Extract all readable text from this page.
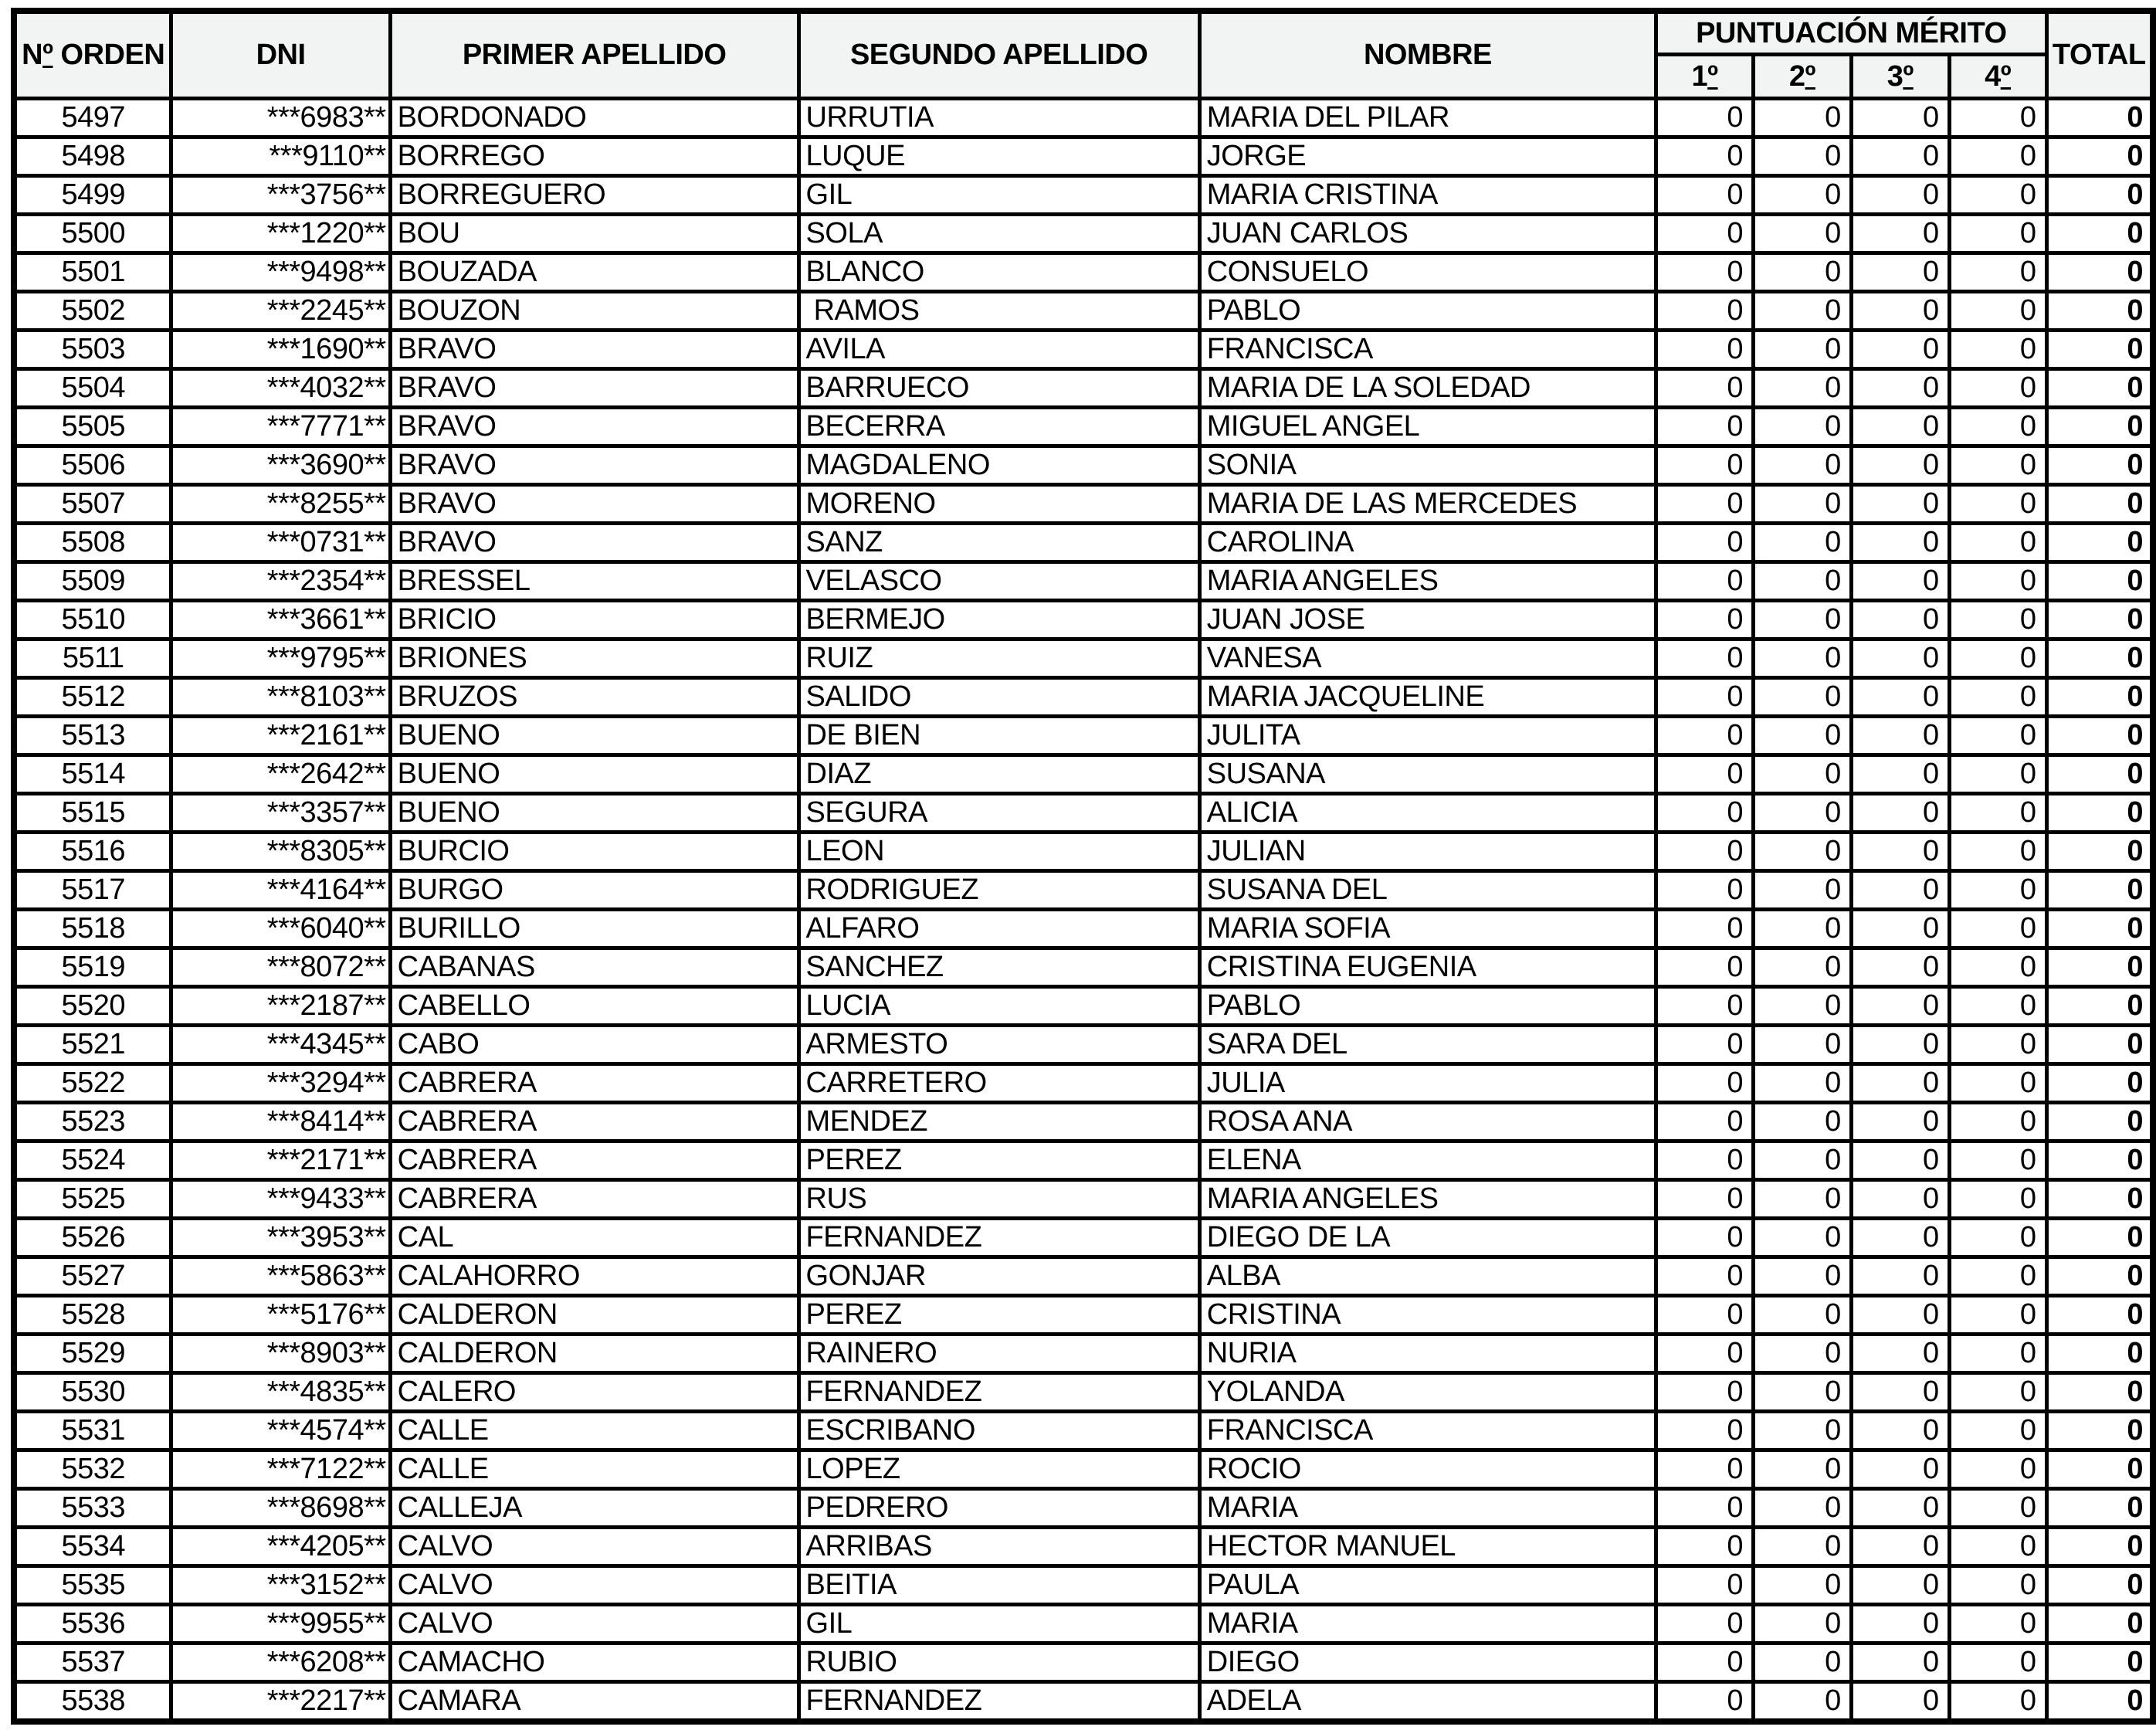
Nº ORDEN	DNI	PRIMER APELLIDO	SEGUNDO APELLIDO	NOMBRE	PUNTUACIÓN MÉRITO				TOTAL
					1º	2º	3º	4º	
5497	***6983**	BORDONADO	URRUTIA	MARIA DEL PILAR	0	0	0	0	0
5498	***9110**	BORREGO	LUQUE	JORGE	0	0	0	0	0
5499	***3756**	BORREGUERO	GIL	MARIA CRISTINA	0	0	0	0	0
5500	***1220**	BOU	SOLA	JUAN CARLOS	0	0	0	0	0
5501	***9498**	BOUZADA	BLANCO	CONSUELO	0	0	0	0	0
5502	***2245**	BOUZON	RAMOS	PABLO	0	0	0	0	0
5503	***1690**	BRAVO	AVILA	FRANCISCA	0	0	0	0	0
5504	***4032**	BRAVO	BARRUECO	MARIA DE LA SOLEDAD	0	0	0	0	0
5505	***7771**	BRAVO	BECERRA	MIGUEL ANGEL	0	0	0	0	0
5506	***3690**	BRAVO	MAGDALENO	SONIA	0	0	0	0	0
5507	***8255**	BRAVO	MORENO	MARIA DE LAS MERCEDES	0	0	0	0	0
5508	***0731**	BRAVO	SANZ	CAROLINA	0	0	0	0	0
5509	***2354**	BRESSEL	VELASCO	MARIA ANGELES	0	0	0	0	0
5510	***3661**	BRICIO	BERMEJO	JUAN JOSE	0	0	0	0	0
5511	***9795**	BRIONES	RUIZ	VANESA	0	0	0	0	0
5512	***8103**	BRUZOS	SALIDO	MARIA JACQUELINE	0	0	0	0	0
5513	***2161**	BUENO	DE BIEN	JULITA	0	0	0	0	0
5514	***2642**	BUENO	DIAZ	SUSANA	0	0	0	0	0
5515	***3357**	BUENO	SEGURA	ALICIA	0	0	0	0	0
5516	***8305**	BURCIO	LEON	JULIAN	0	0	0	0	0
5517	***4164**	BURGO	RODRIGUEZ	SUSANA DEL	0	0	0	0	0
5518	***6040**	BURILLO	ALFARO	MARIA SOFIA	0	0	0	0	0
5519	***8072**	CABANAS	SANCHEZ	CRISTINA EUGENIA	0	0	0	0	0
5520	***2187**	CABELLO	LUCIA	PABLO	0	0	0	0	0
5521	***4345**	CABO	ARMESTO	SARA DEL	0	0	0	0	0
5522	***3294**	CABRERA	CARRETERO	JULIA	0	0	0	0	0
5523	***8414**	CABRERA	MENDEZ	ROSA ANA	0	0	0	0	0
5524	***2171**	CABRERA	PEREZ	ELENA	0	0	0	0	0
5525	***9433**	CABRERA	RUS	MARIA ANGELES	0	0	0	0	0
5526	***3953**	CAL	FERNANDEZ	DIEGO DE LA	0	0	0	0	0
5527	***5863**	CALAHORRO	GONJAR	ALBA	0	0	0	0	0
5528	***5176**	CALDERON	PEREZ	CRISTINA	0	0	0	0	0
5529	***8903**	CALDERON	RAINERO	NURIA	0	0	0	0	0
5530	***4835**	CALERO	FERNANDEZ	YOLANDA	0	0	0	0	0
5531	***4574**	CALLE	ESCRIBANO	FRANCISCA	0	0	0	0	0
5532	***7122**	CALLE	LOPEZ	ROCIO	0	0	0	0	0
5533	***8698**	CALLEJA	PEDRERO	MARIA	0	0	0	0	0
5534	***4205**	CALVO	ARRIBAS	HECTOR MANUEL	0	0	0	0	0
5535	***3152**	CALVO	BEITIA	PAULA	0	0	0	0	0
5536	***9955**	CALVO	GIL	MARIA	0	0	0	0	0
5537	***6208**	CAMACHO	RUBIO	DIEGO	0	0	0	0	0
5538	***2217**	CAMARA	FERNANDEZ	ADELA	0	0	0	0	0
